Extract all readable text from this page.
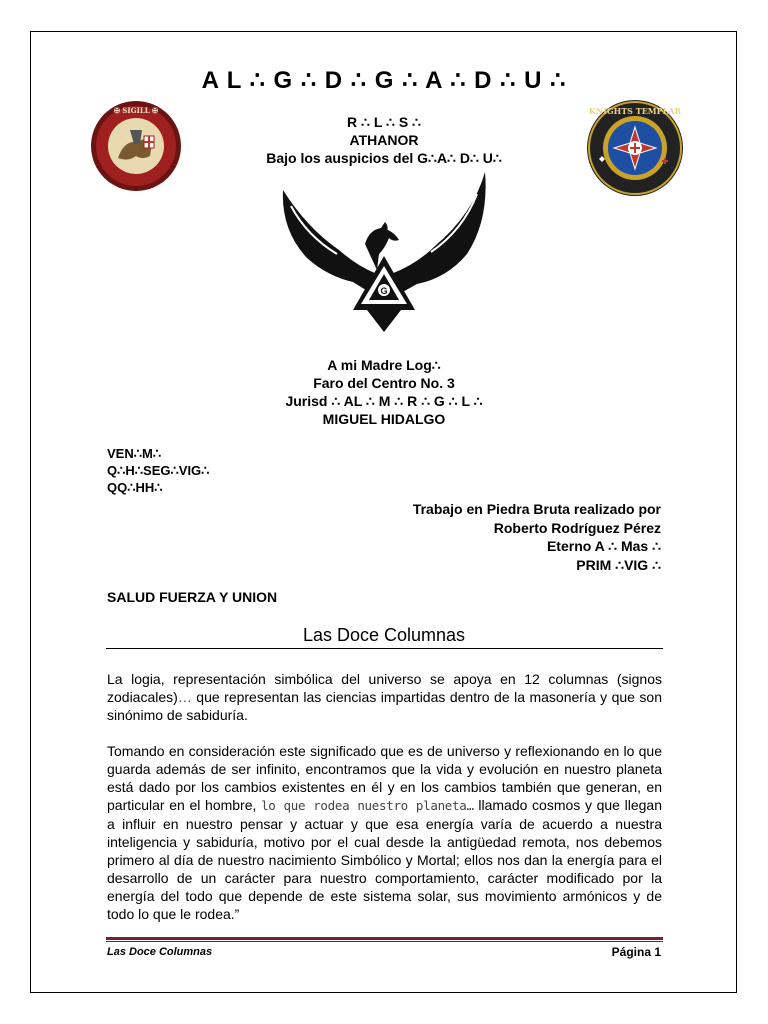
A L ∴ G ∴ D ∴ G ∴ A ∴ D ∴ U ∴
R ∴ L ∴ S ∴
ATHANOR
Bajo los auspicios del G∴A∴ D∴ U∴
✠ SIGILL ✠	KNIGHTS TEMPLAR
G
A mi Madre Log∴
Faro del Centro No. 3
Jurisd ∴ AL ∴ M ∴ R ∴ G ∴ L ∴
MIGUEL HIDALGO
VEN∴M∴
Q∴H∴SEG∴VIG∴
QQ∴HH∴
Trabajo en Piedra Bruta realizado por
Roberto Rodríguez Pérez
Eterno A ∴ Mas ∴
PRIM ∴VIG ∴
SALUD FUERZA Y UNION
Las Doce Columnas
La logia, representación simbólica del universo se apoya en 12 columnas (signos zodiacales)… que representan las ciencias impartidas dentro de la masonería y que son sinónimo de sabiduría.
Tomando en consideración este significado que es de universo y reflexionando en lo que guarda además de ser infinito, encontramos que la vida y evolución en nuestro planeta está dado por los cambios existentes en él y en los cambios también que generan, en particular en el hombre, lo que rodea nuestro planeta… llamado cosmos y que llegan a influir en nuestro pensar y actuar y que esa energía varía de acuerdo a nuestra inteligencia y sabiduría, motivo por el cual desde la antigüedad remota, nos debemos primero al día de nuestro nacimiento Simbólico y Mortal; ellos nos dan la energía para el desarrollo de un carácter para nuestro comportamiento, carácter modificado por la energía del todo que depende de este sistema solar, sus movimiento armónicos y de todo lo que le rodea.”
Las Doce Columnas	Página 1
